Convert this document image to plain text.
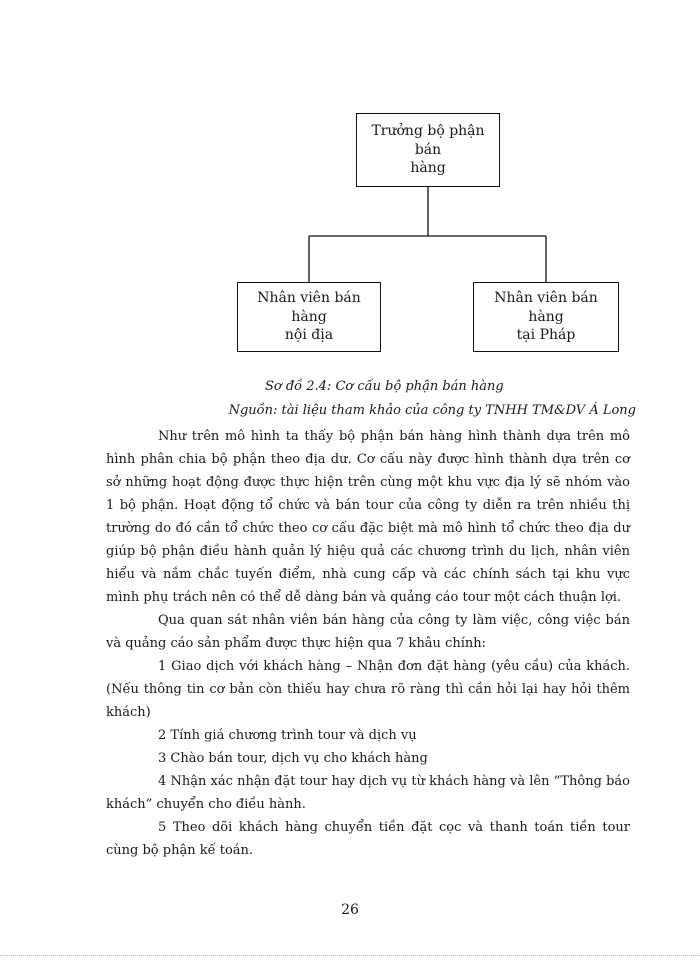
Trưởng bộ phận bán
hàng
Nhân viên bán hàng
nội địa
Nhân viên bán hàng
tại Pháp
Sơ đồ 2.4: Cơ cấu bộ phận bán hàng
Nguồn: tài liệu tham khảo của công ty TNHH TM&DV Á Long

Như trên mô hình ta thấy bộ phận bán hàng hình thành dựa trên mô hình phân chia bộ phận theo địa dư. Cơ cấu này được hình thành dựa trên cơ sở những hoạt động được thực hiện trên cùng một khu vực địa lý sẽ nhóm vào 1 bộ phận. Hoạt động tổ chức và bán tour của công ty diễn ra trên nhiều thị trường do đó cần tổ chức theo cơ cấu đặc biệt mà mô hình tổ chức theo địa dư giúp bộ phận điều hành quản lý hiệu quả các chương trình du lịch, nhân viên hiểu và nắm chắc tuyến điểm, nhà cung cấp và các chính sách tại khu vực mình phụ trách nên có thể dễ dàng bán và quảng cáo tour một cách thuận lợi.

Qua quan sát nhân viên bán hàng của công ty làm việc, công việc bán và quảng cáo sản phẩm được thực hiện qua 7 khâu chính:

1 Giao dịch với khách hàng – Nhận đơn đặt hàng (yêu cầu) của khách. (Nếu thông tin cơ bản còn thiếu hay chưa rõ ràng thì cần hỏi lại hay hỏi thêm khách)

2 Tính giá chương trình tour và dịch vụ

3 Chào bán tour, dịch vụ cho khách hàng

4 Nhận xác nhận đặt tour hay dịch vụ từ khách hàng và lên “Thông báo khách” chuyển cho điều hành.

5 Theo dõi khách hàng chuyển tiền đặt cọc và thanh toán tiền tour cùng bộ phận kế toán.

26
